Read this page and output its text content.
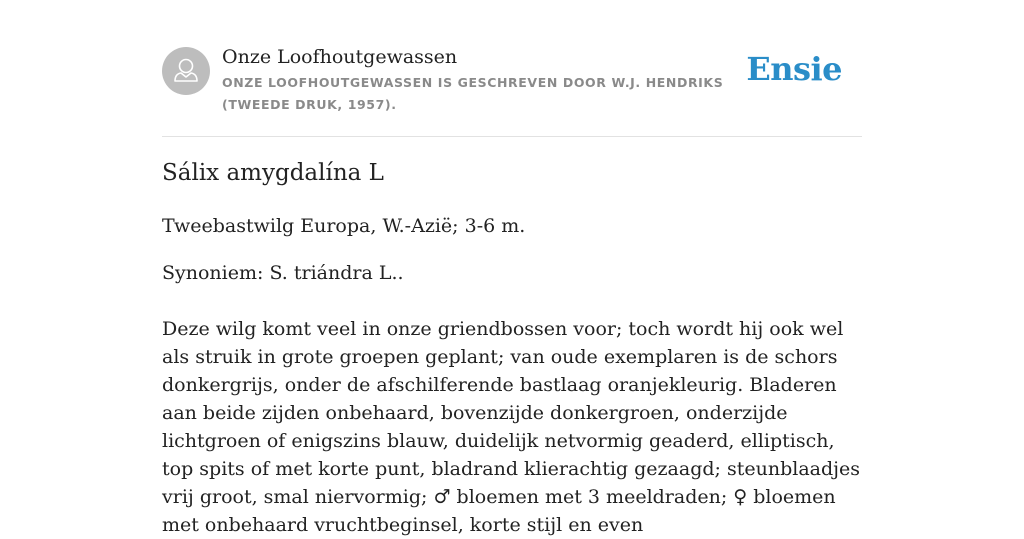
Onze Loofhoutgewassen
ONZE LOOFHOUTGEWASSEN IS GESCHREVEN DOOR W.J. HENDRIKS (TWEEDE DRUK, 1957).
Ensie
Sálix amygdalína L

Tweebastwilg Europa, W.-Azië; 3-6 m.

Synoniem: S. triándra L..

Deze wilg komt veel in onze griendbossen voor; toch wordt hij ook wel als struik in grote groepen geplant; van oude exemplaren is de schors donkergrijs, onder de afschilferende bastlaag oranjekleurig. Bladeren aan beide zijden onbehaard, bovenzijde donkergroen, onderzijde lichtgroen of enigszins blauw, duidelijk netvormig geaderd, elliptisch, top spits of met korte punt, bladrand klierachtig gezaagd; steunblaadjes vrij groot, smal niervormig; ♂ bloemen met 3 meeldraden; ♀ bloemen met onbehaard vruchtbeginsel, korte stijl en even
